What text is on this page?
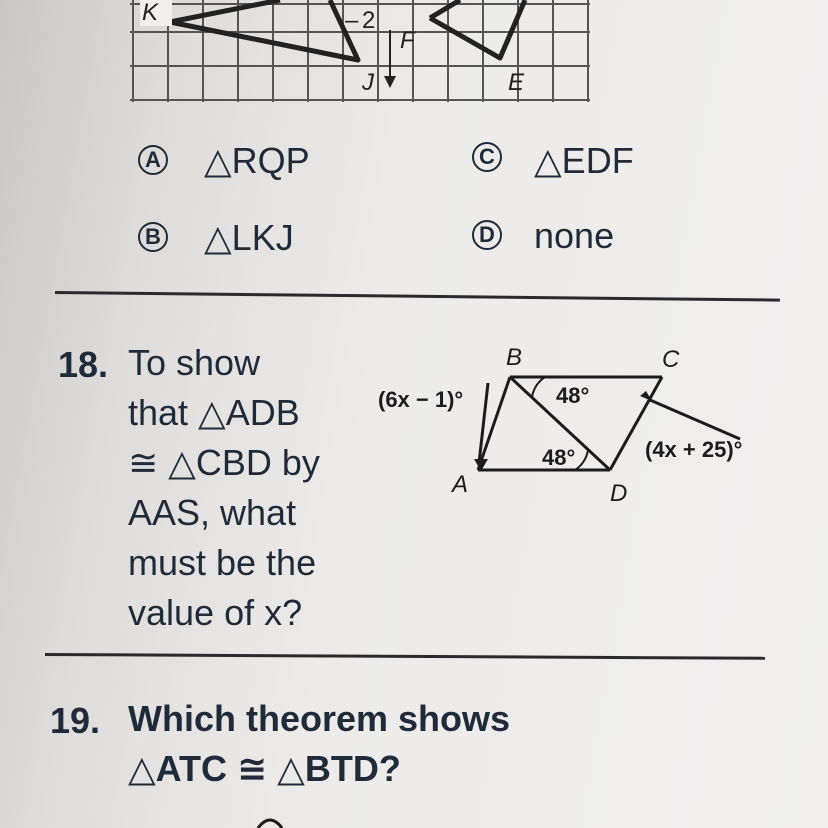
K	– 2
F
J	E
A △RQP
B △LKJ
C △EDF
D none
18. To show
that △ADB
≅ △CBD by
AAS, what
must be the
value of x?
B	C
A	D
48°
48°
(6x − 1)°
(4x + 25)°
19. Which theorem shows
△ATC ≅ △BTD?
